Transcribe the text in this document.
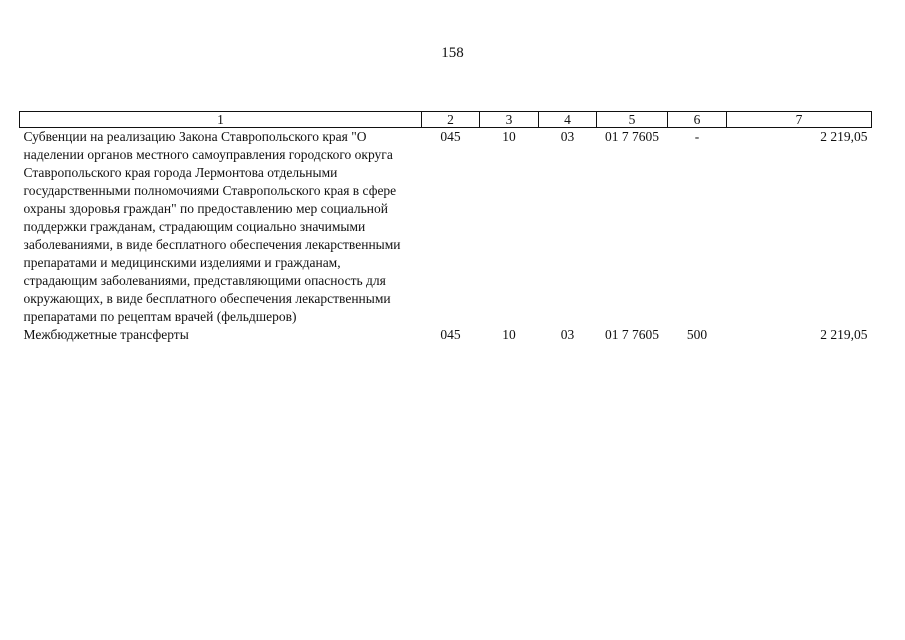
158
1	2	3	4	5	6	7
Субвенции на реализацию Закона Ставропольского края "О наделении органов местного самоуправления городского округа Ставропольского края города Лермонтова отдельными государственными полномочиями Ставропольского края в сфере охраны здоровья граждан" по предоставлению мер социальной поддержки гражданам, страдающим социально значимыми заболеваниями, в виде бесплатного обеспечения лекарственными препаратами и медицинскими изделиями и гражданам, страдающим заболеваниями, представляющими опасность для окружающих, в виде бесплатного обеспечения лекарственными препаратами по рецептам врачей (фельдшеров)	045	10	03	01 7 7605	-	2 219,05
Межбюджетные трансферты	045	10	03	01 7 7605	500	2 219,05
